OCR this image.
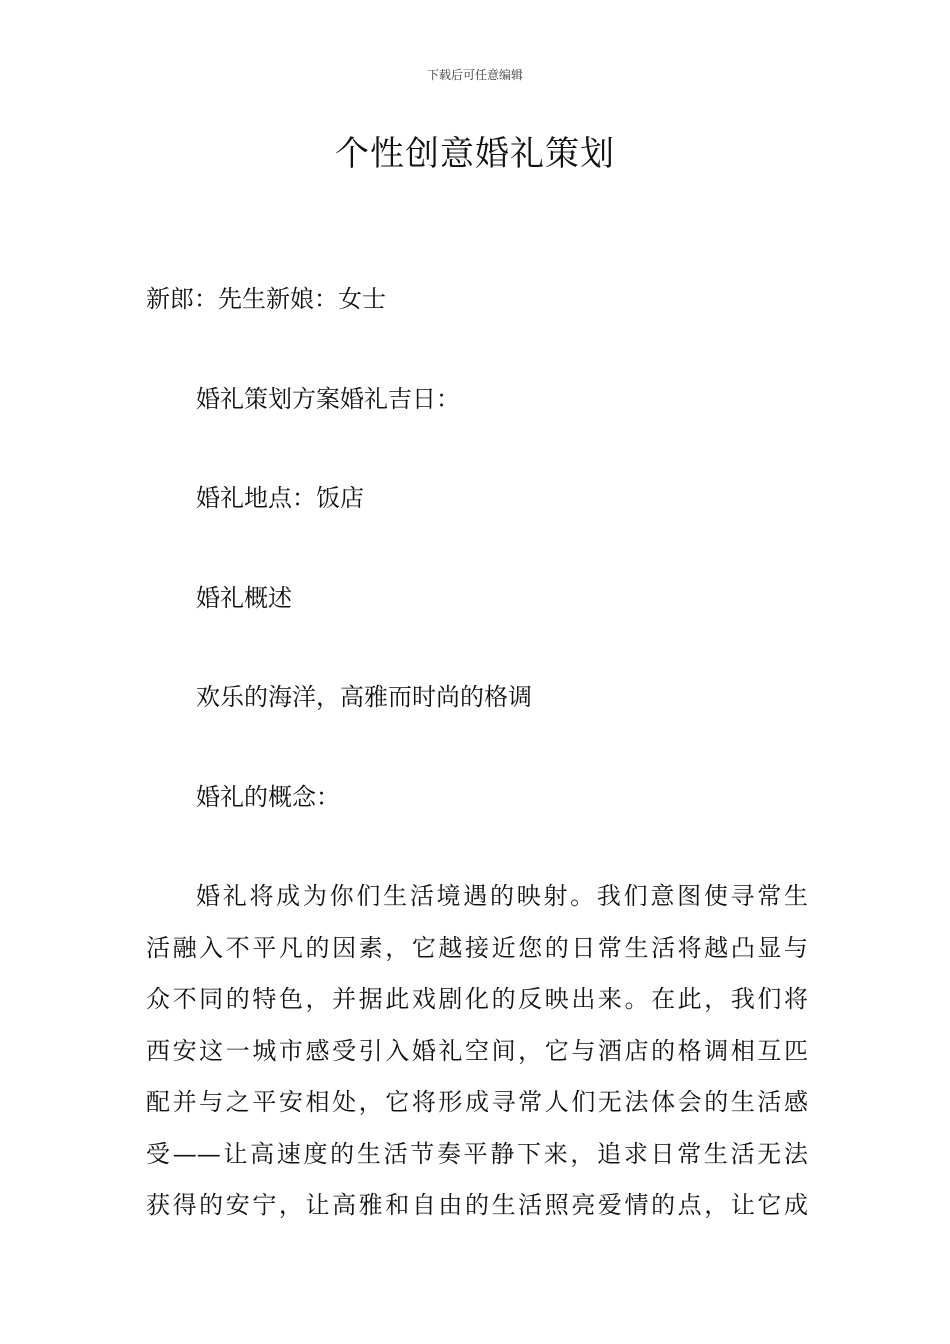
下载后可任意编辑
个性创意婚礼策划
新郎：先生新娘：女士
婚礼策划方案婚礼吉日：
婚礼地点：饭店
婚礼概述
欢乐的海洋，高雅而时尚的格调
婚礼的概念：
婚礼将成为你们生活境遇的映射。我们意图使寻常生
活融入不平凡的因素，它越接近您的日常生活将越凸显与
众不同的特色，并据此戏剧化的反映出来。在此，我们将
西安这一城市感受引入婚礼空间，它与酒店的格调相互匹
配并与之平安相处，它将形成寻常人们无法体会的生活感
受——让高速度的生活节奏平静下来，追求日常生活无法
获得的安宁，让高雅和自由的生活照亮爱情的点，让它成
